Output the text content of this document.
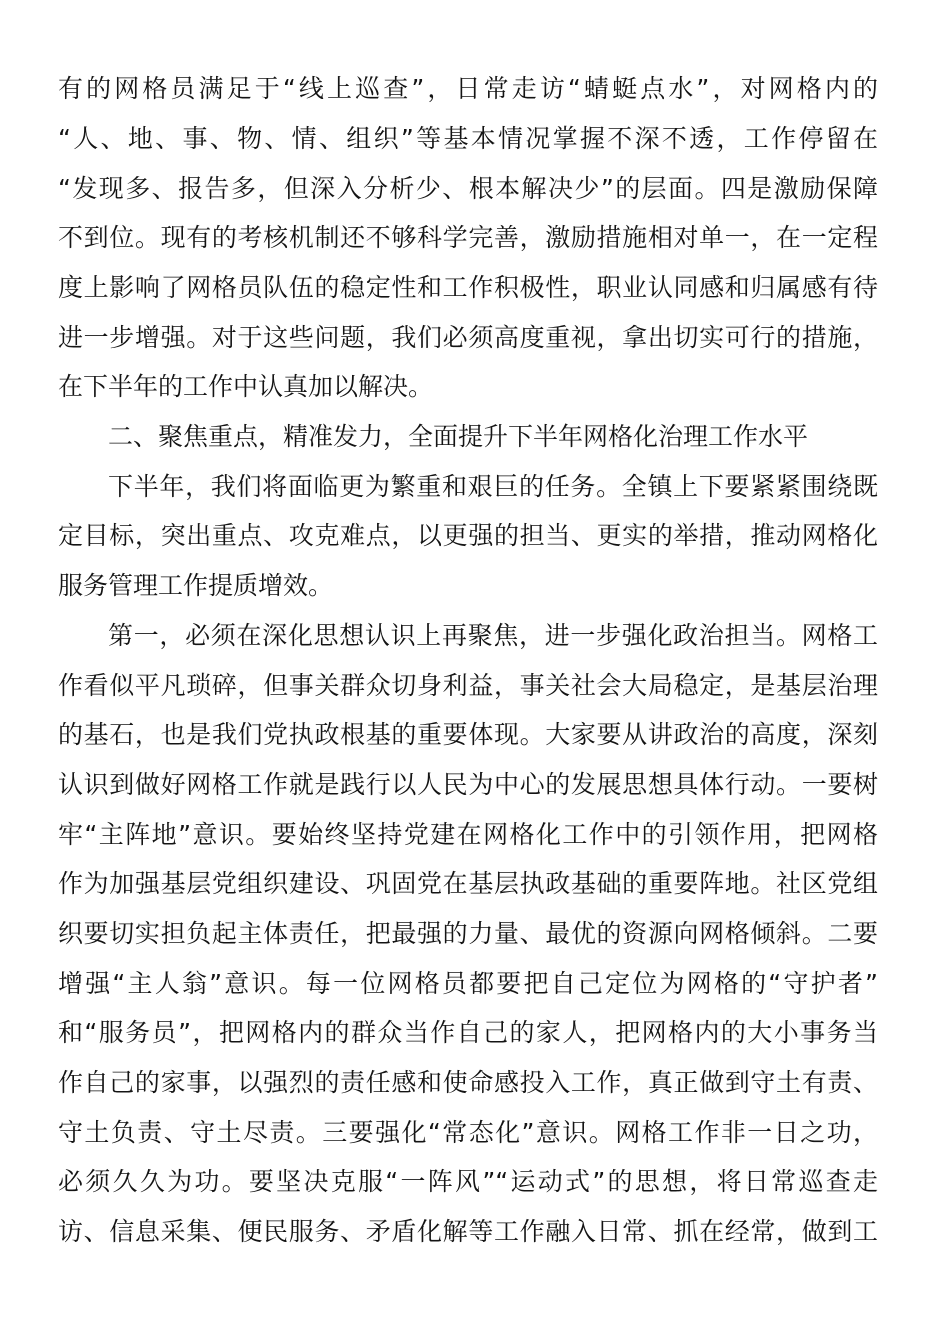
有的网格员满足于“线上巡查”，日常走访“蜻蜓点水”，对网格内的
“人、地、事、物、情、组织”等基本情况掌握不深不透，工作停留在
“发现多、报告多，但深入分析少、根本解决少”的层面。四是激励保障
不到位。现有的考核机制还不够科学完善，激励措施相对单一，在一定程
度上影响了网格员队伍的稳定性和工作积极性，职业认同感和归属感有待
进一步增强。对于这些问题，我们必须高度重视，拿出切实可行的措施，
在下半年的工作中认真加以解决。
二、聚焦重点，精准发力，全面提升下半年网格化治理工作水平
下半年，我们将面临更为繁重和艰巨的任务。全镇上下要紧紧围绕既
定目标，突出重点、攻克难点，以更强的担当、更实的举措，推动网格化
服务管理工作提质增效。
第一，必须在深化思想认识上再聚焦，进一步强化政治担当。网格工
作看似平凡琐碎，但事关群众切身利益，事关社会大局稳定，是基层治理
的基石，也是我们党执政根基的重要体现。大家要从讲政治的高度，深刻
认识到做好网格工作就是践行以人民为中心的发展思想具体行动。一要树
牢“主阵地”意识。要始终坚持党建在网格化工作中的引领作用，把网格
作为加强基层党组织建设、巩固党在基层执政基础的重要阵地。社区党组
织要切实担负起主体责任，把最强的力量、最优的资源向网格倾斜。二要
增强“主人翁”意识。每一位网格员都要把自己定位为网格的“守护者”
和“服务员”，把网格内的群众当作自己的家人，把网格内的大小事务当
作自己的家事，以强烈的责任感和使命感投入工作，真正做到守土有责、
守土负责、守土尽责。三要强化“常态化”意识。网格工作非一日之功，
必须久久为功。要坚决克服“一阵风”“运动式”的思想，将日常巡查走
访、信息采集、便民服务、矛盾化解等工作融入日常、抓在经常，做到工
